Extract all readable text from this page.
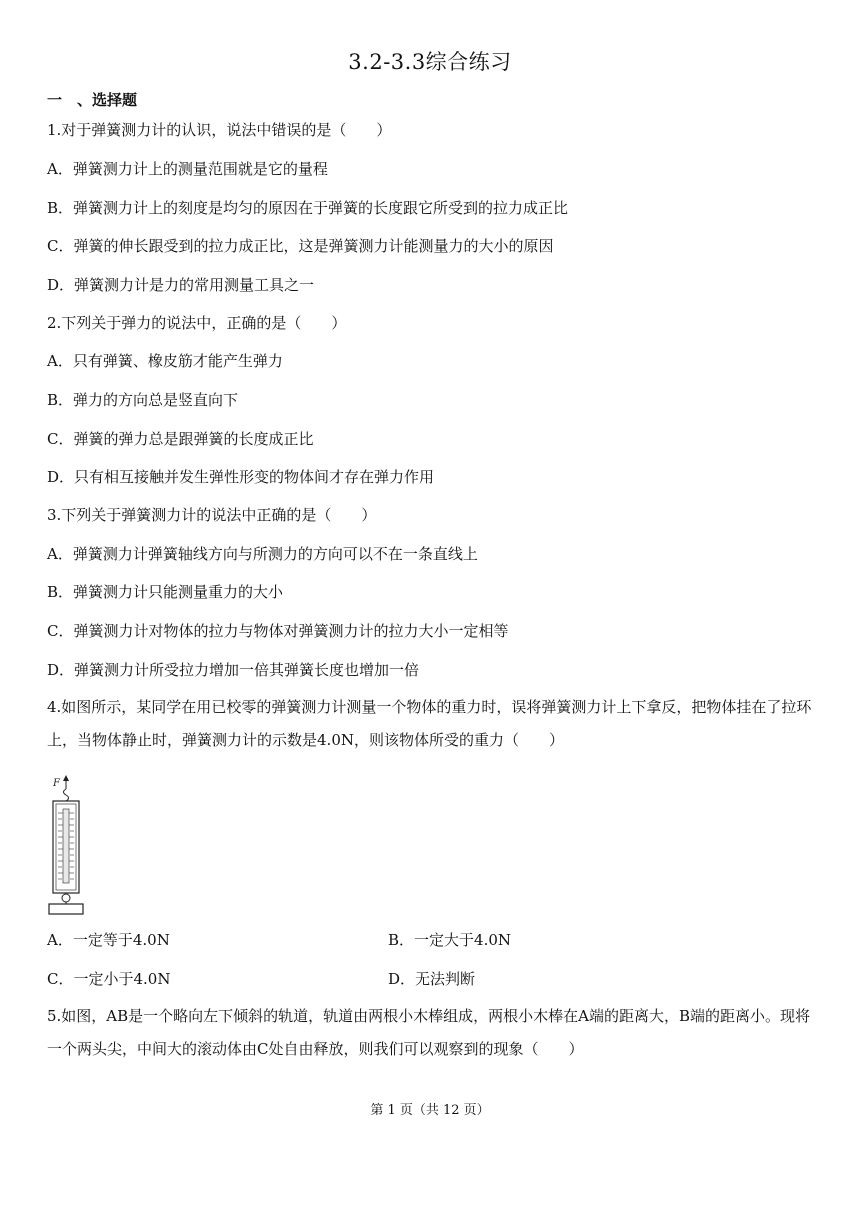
3.2-3.3综合练习
一　、选择题
1.对于弹簧测力计的认识，说法中错误的是（　　）
A．弹簧测力计上的测量范围就是它的量程
B．弹簧测力计上的刻度是均匀的原因在于弹簧的长度跟它所受到的拉力成正比
C．弹簧的伸长跟受到的拉力成正比，这是弹簧测力计能测量力的大小的原因
D．弹簧测力计是力的常用测量工具之一
2.下列关于弹力的说法中，正确的是（　　）
A．只有弹簧、橡皮筋才能产生弹力
B．弹力的方向总是竖直向下
C．弹簧的弹力总是跟弹簧的长度成正比
D．只有相互接触并发生弹性形变的物体间才存在弹力作用
3.下列关于弹簧测力计的说法中正确的是（　　）
A．弹簧测力计弹簧轴线方向与所测力的方向可以不在一条直线上
B．弹簧测力计只能测量重力的大小
C．弹簧测力计对物体的拉力与物体对弹簧测力计的拉力大小一定相等
D．弹簧测力计所受拉力增加一倍其弹簧长度也增加一倍
4.如图所示，某同学在用已校零的弹簧测力计测量一个物体的重力时，误将弹簧测力计上下拿反，把物体挂在了拉环上，当物体静止时，弹簧测力计的示数是4.0N，则该物体所受的重力（　　）
F
A．一定等于4.0N	B．一定大于4.0N
C．一定小于4.0N	D．无法判断
5.如图，AB是一个略向左下倾斜的轨道，轨道由两根小木棒组成，两根小木棒在A端的距离大，B端的距离小。现将一个两头尖，中间大的滚动体由C处自由释放，则我们可以观察到的现象（　　）
第 1 页（共 12 页）
